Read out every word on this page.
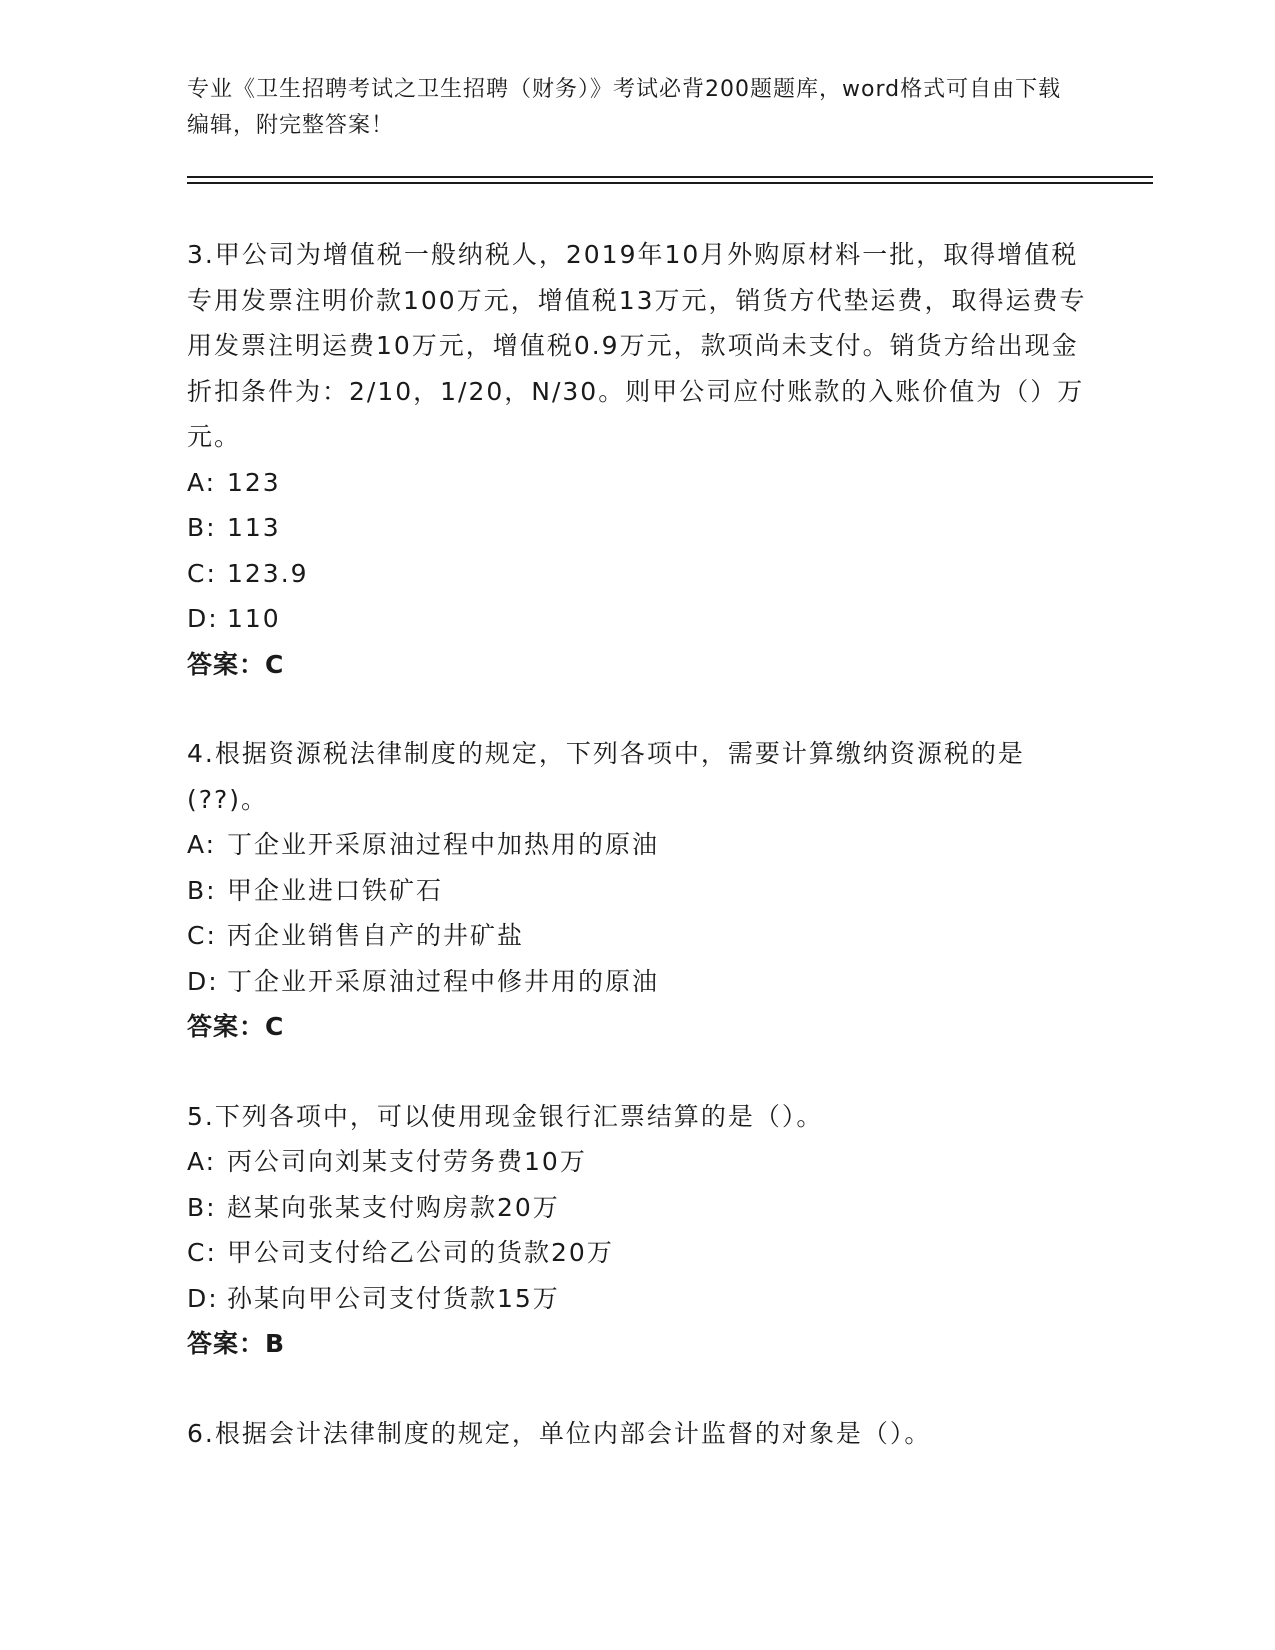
专业《卫生招聘考试之卫生招聘（财务）》考试必背200题题库，word格式可自由下载编辑，附完整答案！

3.甲公司为增值税一般纳税人，2019年10月外购原材料一批，取得增值税专用发票注明价款100万元，增值税13万元，销货方代垫运费，取得运费专用发票注明运费10万元，增值税0.9万元，款项尚未支付。销货方给出现金折扣条件为：2/10，1/20，N/30。则甲公司应付账款的入账价值为（）万元。

A: 123

B: 113

C: 123.9

D: 110

答案：C

4.根据资源税法律制度的规定，下列各项中，需要计算缴纳资源税的是(??)。

A: 丁企业开采原油过程中加热用的原油

B: 甲企业进口铁矿石

C: 丙企业销售自产的井矿盐

D: 丁企业开采原油过程中修井用的原油

答案：C

5.下列各项中，可以使用现金银行汇票结算的是（）。

A: 丙公司向刘某支付劳务费10万

B: 赵某向张某支付购房款20万

C: 甲公司支付给乙公司的货款20万

D: 孙某向甲公司支付货款15万

答案：B

6.根据会计法律制度的规定，单位内部会计监督的对象是（）。
